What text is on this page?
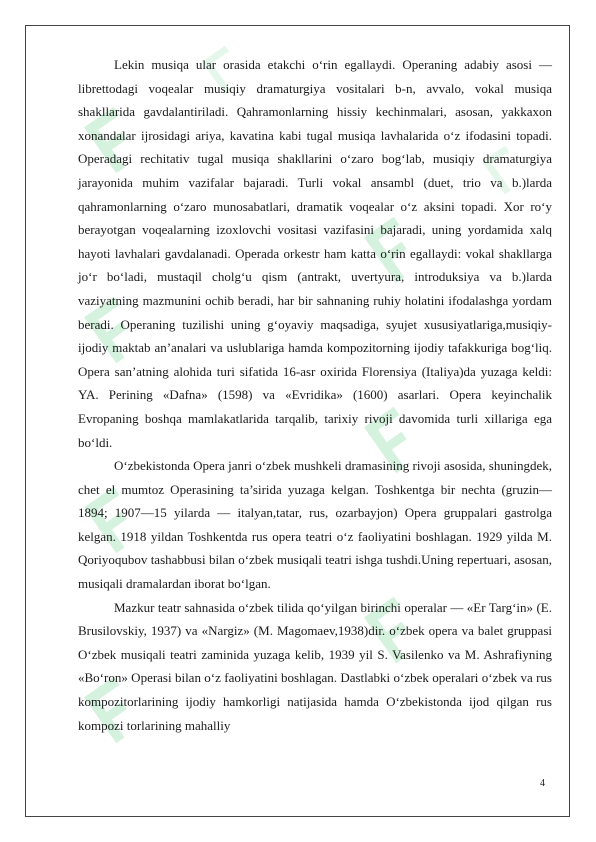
Lekin musiqa ular orasida etakchi o‘rin egallaydi. Operaning adabiy asosi — librettodagi voqealar musiqiy dramaturgiya vositalari b-n, avvalo, vokal musiqa shakllarida gavdalantiriladi. Qahramonlarning hissiy kechinmalari, asosan, yakkaxon xonandalar ijrosidagi ariya, kavatina kabi tugal musiqa lavhalarida o‘z ifodasini topadi. Operadagi rechitativ tugal musiqa shakllarini o‘zaro bog‘lab, musiqiy dramaturgiya jarayonida muhim vazifalar bajaradi. Turli vokal ansambl (duet, trio va b.)larda qahramonlarning o‘zaro munosabatlari, dramatik voqealar o‘z aksini topadi. Xor ro‘y berayotgan voqealarning izoxlovchi vositasi vazifasini bajaradi, uning yordamida xalq hayoti lavhalari gavdalanadi. Operada orkestr ham katta o‘rin egallaydi: vokal shakllarga jo‘r bo‘ladi, mustaqil cholg‘u qism (antrakt, uvertyura, introduksiya va b.)larda vaziyatning mazmunini ochib beradi, har bir sahnaning ruhiy holatini ifodalashga yordam beradi. Operaning tuzilishi uning g‘oyaviy maqsadiga, syujet xususiyatlariga,musiqiy-ijodiy maktab an’analari va uslublariga hamda kompozitorning ijodiy tafakkuriga bog‘liq. Opera san’atning alohida turi sifatida 16-asr oxirida Florensiya (Italiya)da yuzaga keldi: YA. Perining «Dafna» (1598) va «Evridika» (1600) asarlari. Opera keyinchalik Evropaning boshqa mamlakatlarida tarqalib, tarixiy rivoji davomida turli xillariga ega bo‘ldi.

O‘zbekistonda Opera janri o‘zbek mushkeli dramasining rivoji asosida, shuningdek, chet el mumtoz Operasining ta’sirida yuzaga kelgan. Toshkentga bir nechta (gruzin— 1894; 1907—15 yilarda — italyan,tatar, rus, ozarbayjon) Opera gruppalari gastrolga kelgan. 1918 yildan Toshkentda rus opera teatri o‘z faoliyatini boshlagan. 1929 yilda M. Qoriyoqubov tashabbusi bilan o‘zbek musiqali teatri ishga tushdi.Uning repertuari, asosan, musiqali dramalardan iborat bo‘lgan.

Mazkur teatr sahnasida o‘zbek tilida qo‘yilgan birinchi operalar — «Er Targ‘in» (E. Brusilovskiy, 1937) va «Nargiz» (M. Magomaev,1938)dir. o‘zbek opera va balet gruppasi O‘zbek musiqali teatri zaminida yuzaga kelib, 1939 yil S. Vasilenko va M. Ashrafiyning «Bo‘ron» Operasi bilan o‘z faoliyatini boshlagan. Dastlabki o‘zbek operalari o‘zbek va rus kompozitorlarining ijodiy hamkorligi natijasida hamda O‘zbekistonda ijod qilgan rus kompozi torlarining mahalliy

4
